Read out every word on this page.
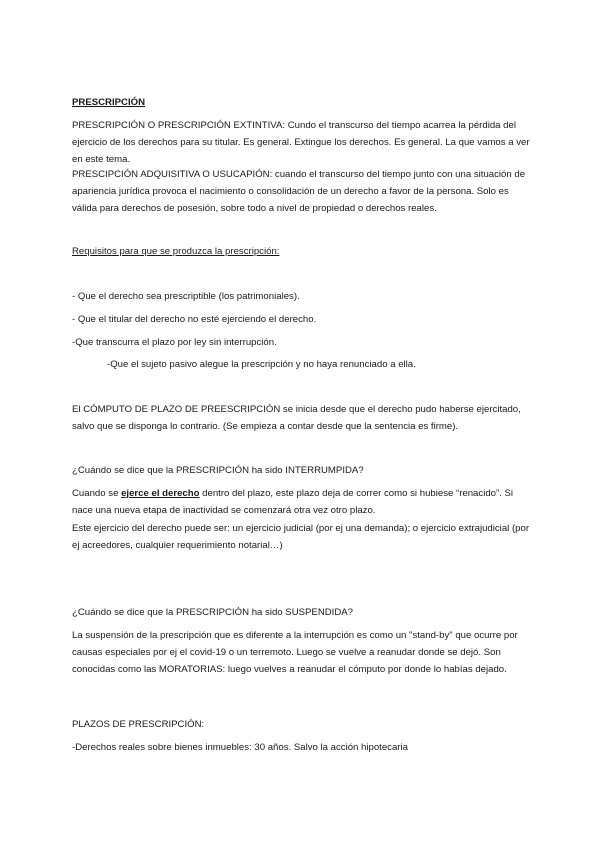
PRESCRIPCIÓN

PRESCRIPCIÓN O PRESCRIPCIÓN EXTINTIVA: Cundo el transcurso del tiempo acarrea la pérdida del ejercicio de los derechos para su titular. Es general. Extingue los derechos. Es general. La que vamos a ver en este tema.

PRESCIPCIÓN ADQUISITIVA O USUCAPIÓN: cuando el transcurso del tiempo junto con una situación de apariencia jurídica provoca el nacimiento o consolidación de un derecho a favor de la persona. Solo es válida para derechos de posesión, sobre todo a nivel de propiedad o derechos reales.

Requisitos para que se produzca la prescripción:

- Que el derecho sea prescriptible (los patrimoniales).

- Que el titular del derecho no esté ejerciendo el derecho.

-Que transcurra el plazo por ley sin interrupción.

-Que el sujeto pasivo alegue la prescripción y no haya renunciado a ella.

El CÓMPUTO DE PLAZO DE PREESCRIPCIÓN se inicia desde que el derecho pudo haberse ejercitado, salvo que se disponga lo contrario. (Se empieza a contar desde que la sentencia es firme).

¿Cuándo se dice que la PRESCRIPCIÓN ha sido INTERRUMPIDA?

Cuando se ejerce el derecho dentro del plazo, este plazo deja de correr como si hubiese “renacido”. Si nace una nueva etapa de inactividad se comenzará otra vez otro plazo.

Este ejercicio del derecho puede ser: un ejercicio judicial (por ej una demanda); o ejercicio extrajudicial (por ej acreedores, cualquier requerimiento notarial…)

¿Cuándo se dice que la PRESCRIPCIÓN ha sido SUSPENDIDA?

La suspensión de la prescripción que es diferente a la interrupción es como un "stand-by" que ocurre por causas especiales por ej el covid-19 o un terremoto. Luego se vuelve a reanudar donde se dejó. Son conocidas como las MORATORIAS: luego vuelves a reanudar el cómputo por donde lo habías dejado.

PLAZOS DE PRESCRIPCIÓN:

-Derechos reales sobre bienes inmuebles: 30 años. Salvo la acción hipotecaria
